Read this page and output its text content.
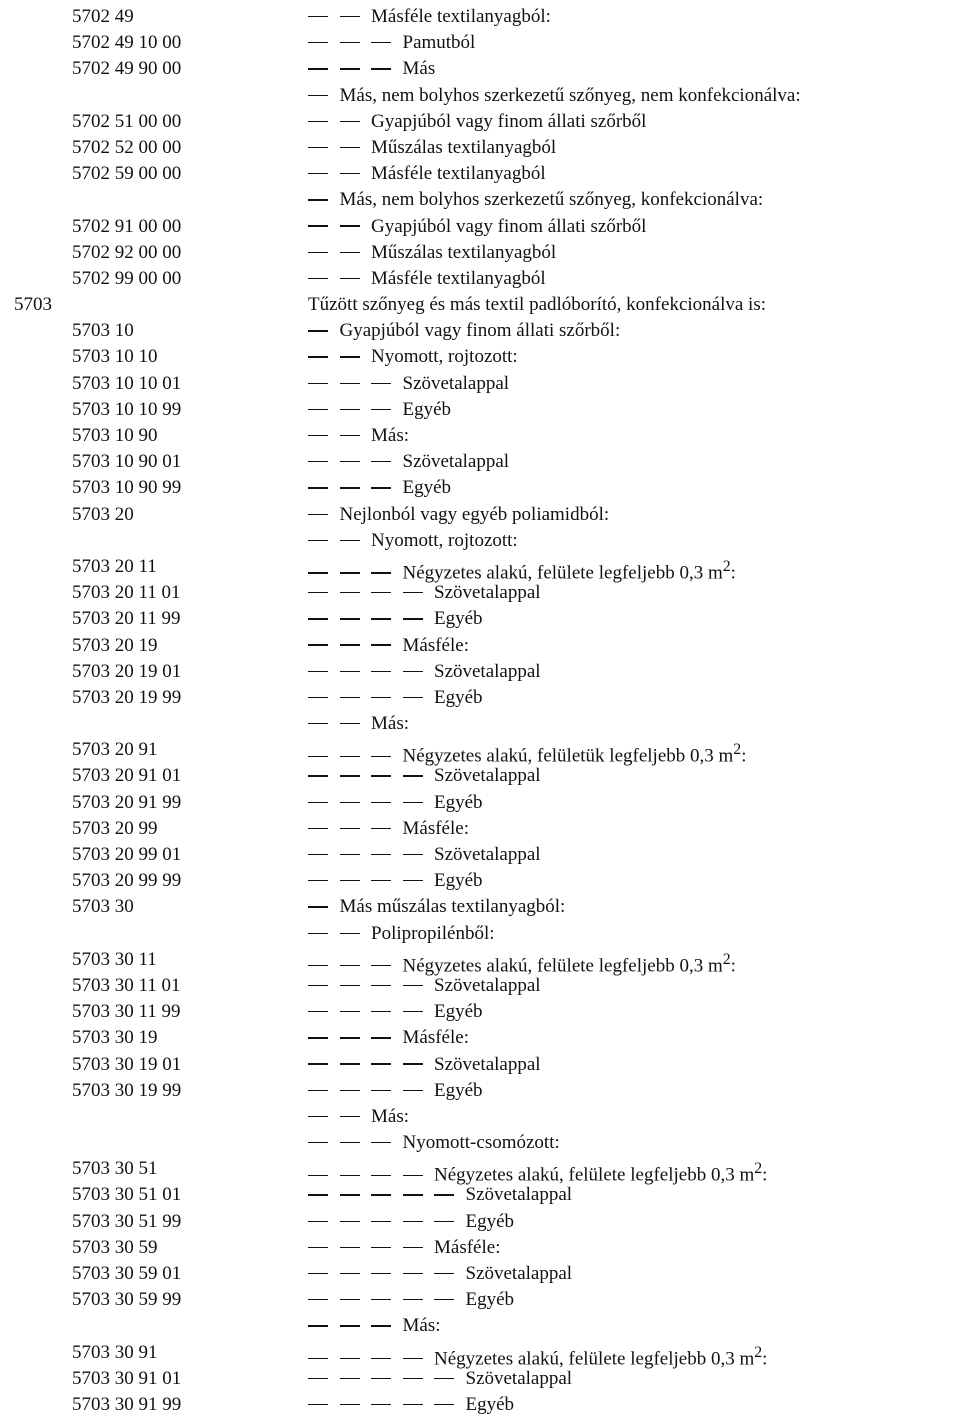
5702 49	Másféle textilanyagból:
5702 49 10 00	Pamutból
5702 49 90 00	Más
Más, nem bolyhos szerkezetű szőnyeg, nem konfekcionálva:
5702 51 00 00	Gyapjúból vagy finom állati szőrből
5702 52 00 00	Műszálas textilanyagból
5702 59 00 00	Másféle textilanyagból
Más, nem bolyhos szerkezetű szőnyeg, konfekcionálva:
5702 91 00 00	Gyapjúból vagy finom állati szőrből
5702 92 00 00	Műszálas textilanyagból
5702 99 00 00	Másféle textilanyagból
5703	Tűzött szőnyeg és más textil padlóborító, konfekcionálva is:
5703 10	Gyapjúból vagy finom állati szőrből:
5703 10 10	Nyomott, rojtozott:
5703 10 10 01	Szövetalappal
5703 10 10 99	Egyéb
5703 10 90	Más:
5703 10 90 01	Szövetalappal
5703 10 90 99	Egyéb
5703 20	Nejlonból vagy egyéb poliamidból:
Nyomott, rojtozott:
5703 20 11	Négyzetes alakú, felülete legfeljebb 0,3 $m^2$:
5703 20 11 01	Szövetalappal
5703 20 11 99	Egyéb
5703 20 19	Másféle:
5703 20 19 01	Szövetalappal
5703 20 19 99	Egyéb
Más:
5703 20 91	Négyzetes alakú, felületük legfeljebb 0,3 $m^2$:
5703 20 91 01	Szövetalappal
5703 20 91 99	Egyéb
5703 20 99	Másféle:
5703 20 99 01	Szövetalappal
5703 20 99 99	Egyéb
5703 30	Más műszálas textilanyagból:
Polipropilénből:
5703 30 11	Négyzetes alakú, felülete legfeljebb 0,3 $m^2$:
5703 30 11 01	Szövetalappal
5703 30 11 99	Egyéb
5703 30 19	Másféle:
5703 30 19 01	Szövetalappal
5703 30 19 99	Egyéb
Más:
Nyomott-csomózott:
5703 30 51	Négyzetes alakú, felülete legfeljebb 0,3 $m^2$:
5703 30 51 01	Szövetalappal
5703 30 51 99	Egyéb
5703 30 59	Másféle:
5703 30 59 01	Szövetalappal
5703 30 59 99	Egyéb
Más:
5703 30 91	Négyzetes alakú, felülete legfeljebb 0,3 $m^2$:
5703 30 91 01	Szövetalappal
5703 30 91 99	Egyéb
